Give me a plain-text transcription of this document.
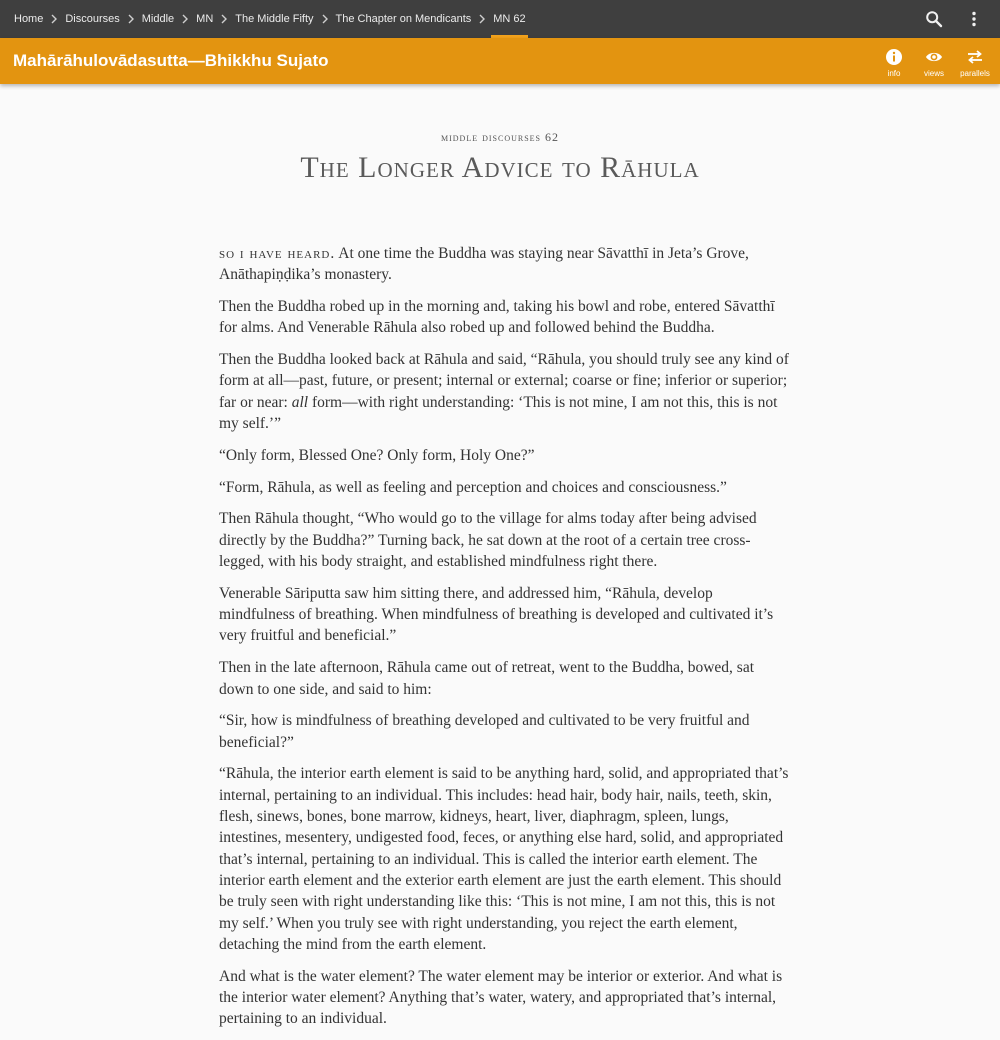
Home Discourses Middle MN The Middle Fifty The Chapter on Mendicants MN 62
Mahārāhulovādasutta—Bhikkhu Sujato
info	views parallels
middle discourses 62
The Longer Advice to Rāhula

so i have heard. At one time the Buddha was staying near Sāvatthī in Jeta’s Grove, Anāthapiṇḍika’s monastery.

Then the Buddha robed up in the morning and, taking his bowl and robe, entered Sāvatthī for alms. And Venerable Rāhula also robed up and followed behind the Buddha.

Then the Buddha looked back at Rāhula and said, “Rāhula, you should truly see any kind of form at all—past, future, or present; internal or external; coarse or fine; inferior or superior; far or near: all form—with right understanding: ‘This is not mine, I am not this, this is not my self.’”

“Only form, Blessed One? Only form, Holy One?”

“Form, Rāhula, as well as feeling and perception and choices and consciousness.”

Then Rāhula thought, “Who would go to the village for alms today after being advised directly by the Buddha?” Turning back, he sat down at the root of a certain tree cross-legged, with his body straight, and established mindfulness right there.

Venerable Sāriputta saw him sitting there, and addressed him, “Rāhula, develop mindfulness of breathing. When mindfulness of breathing is developed and cultivated it’s very fruitful and beneficial.”

Then in the late afternoon, Rāhula came out of retreat, went to the Buddha, bowed, sat down to one side, and said to him:

“Sir, how is mindfulness of breathing developed and cultivated to be very fruitful and beneficial?”

“Rāhula, the interior earth element is said to be anything hard, solid, and appropriated that’s internal, pertaining to an individual. This includes: head hair, body hair, nails, teeth, skin, flesh, sinews, bones, bone marrow, kidneys, heart, liver, diaphragm, spleen, lungs, intestines, mesentery, undigested food, feces, or anything else hard, solid, and appropriated that’s internal, pertaining to an individual. This is called the interior earth element. The interior earth element and the exterior earth element are just the earth element. This should be truly seen with right understanding like this: ‘This is not mine, I am not this, this is not my self.’ When you truly see with right understanding, you reject the earth element, detaching the mind from the earth element.

And what is the water element? The water element may be interior or exterior. And what is the interior water element? Anything that’s water, watery, and appropriated that’s internal, pertaining to an individual.
